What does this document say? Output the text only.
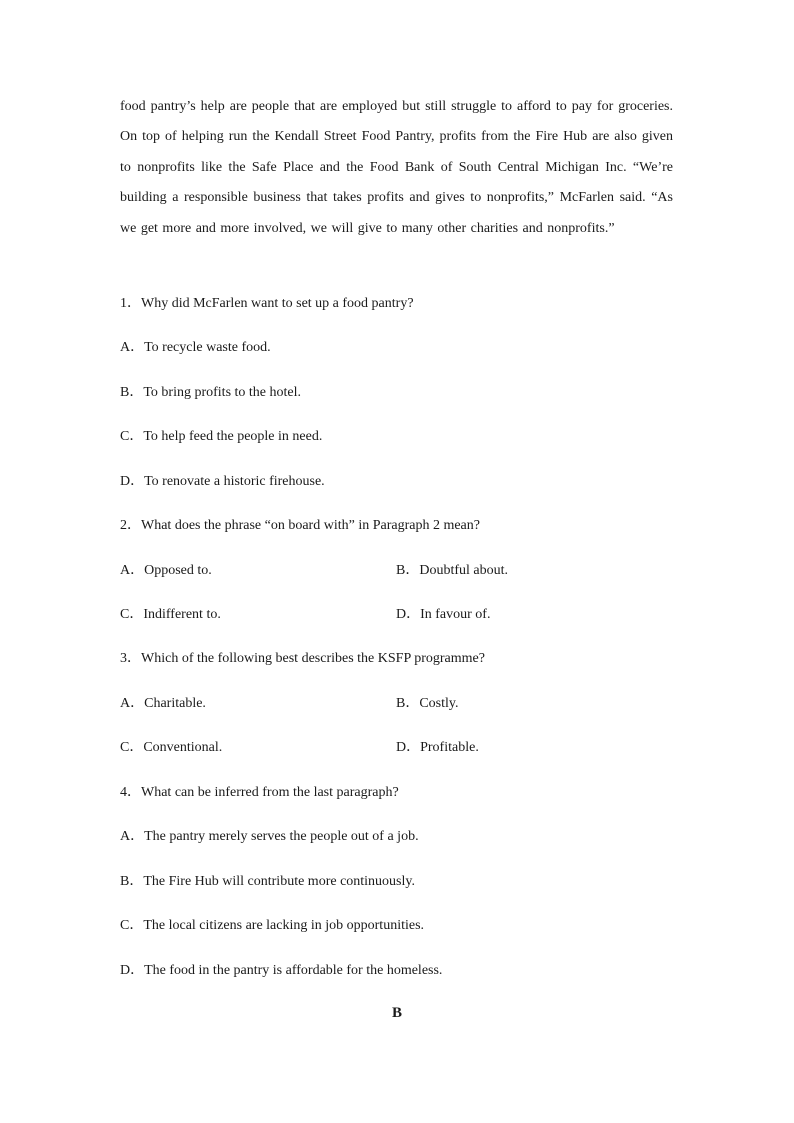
food pantry’s help are people that are employed but still struggle to afford to pay for groceries. On top of helping run the Kendall Street Food Pantry, profits from the Fire Hub are also given to nonprofits like the Safe Place and the Food Bank of South Central Michigan Inc. “We’re building a responsible business that takes profits and gives to nonprofits,” McFarlen said. “As we get more and more involved, we will give to many other charities and nonprofits.”

1．Why did McFarlen want to set up a food pantry?

A．To recycle waste food.

B．To bring profits to the hotel.

C．To help feed the people in need.

D．To renovate a historic firehouse.

2．What does the phrase “on board with” in Paragraph 2 mean?

A．Opposed to.	B．Doubtful about.

C．Indifferent to.	D．In favour of.

3．Which of the following best describes the KSFP programme?

A．Charitable.	B．Costly.

C．Conventional.	D．Profitable.

4．What can be inferred from the last paragraph?

A．The pantry merely serves the people out of a job.

B．The Fire Hub will contribute more continuously.

C．The local citizens are lacking in job opportunities.

D．The food in the pantry is affordable for the homeless.

B
